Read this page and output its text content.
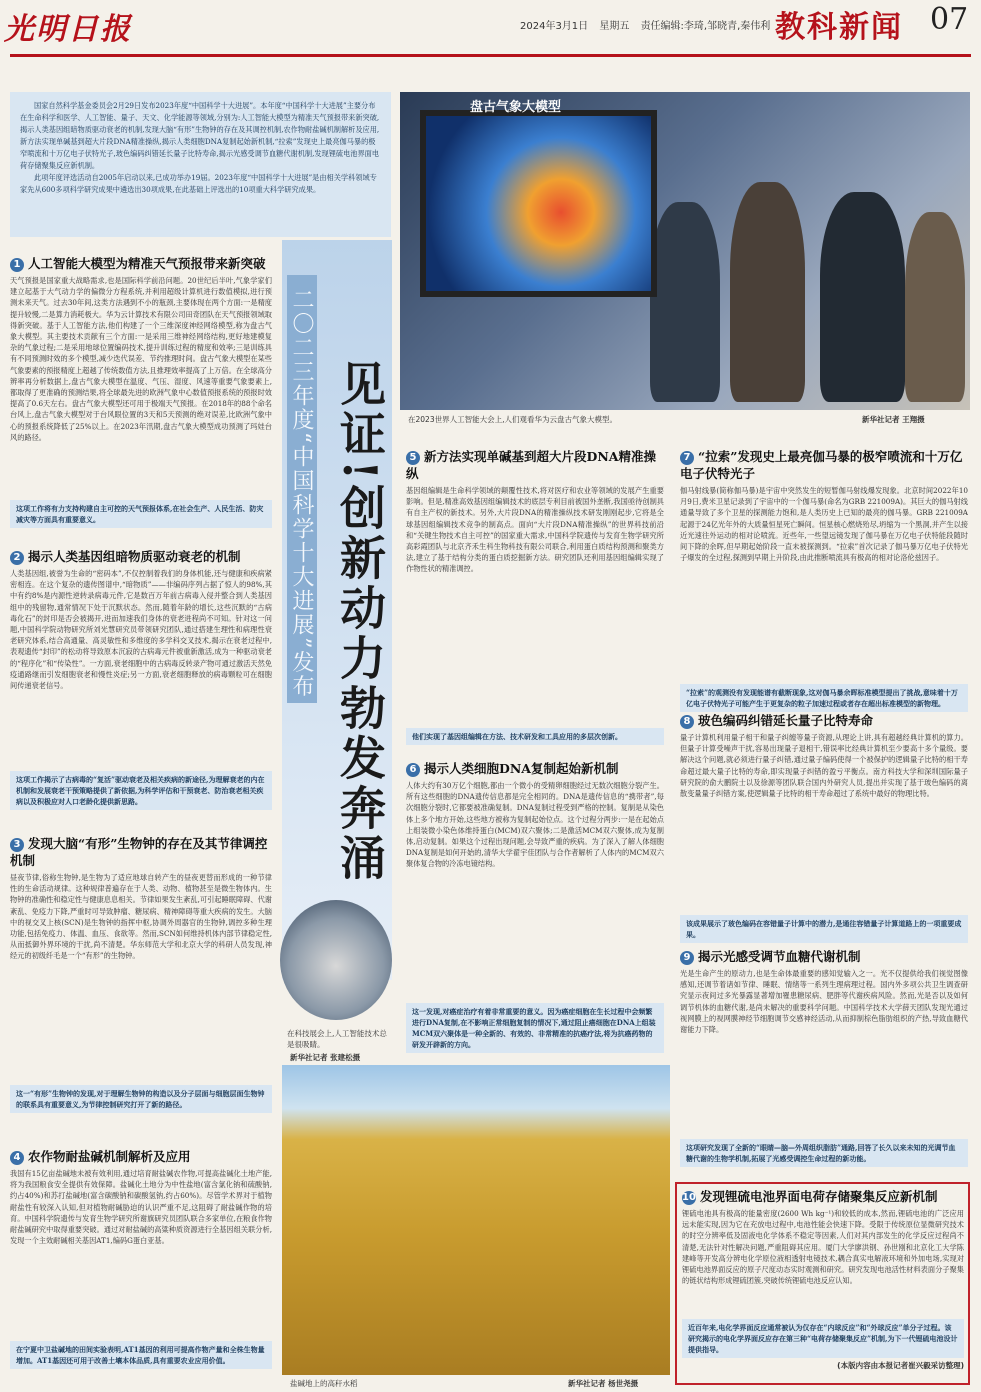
光明日报	2024年3月1日 星期五 责任编辑:李琦,邹晓青,秦伟利 教科新闻 07
国家自然科学基金委员会2月29日发布2023年度“中国科学十大进展”。本年度“中国科学十大进展”主要分布在生命科学和医学、人工智能、量子、天文、化学能源等领域,分别为:人工智能大模型为精准天气预报带来新突破,揭示人类基因组暗物质驱动衰老的机制,发现大脑“有形”生物钟的存在及其调控机制,农作物耐盐碱机制解析及应用,新方法实现单碱基到超大片段DNA精准操纵,揭示人类细胞DNA复制起始新机制,“拉索”发现史上最亮伽马暴的极窄喷流和十万亿电子伏特光子,玻色编码纠错延长量子比特寿命,揭示光感受调节血糖代谢机制,发现锂硫电池界面电荷存储聚集反应新机制。
此项年度评选活动自2005年启动以来,已成功举办19届。2023年度“中国科学十大进展”是由相关学科领域专家先从600多项科学研究成果中遴选出30项成果,在此基础上评选出的10项重大科学研究成果。
二〇二三年度“中国科学十大进展”发布 见证!创新动力勃发奔涌
盘古气象大模型
在2023世界人工智能大会上,人们观看华为云盘古气象大模型。	新华社记者 王翔摄
1 人工智能大模型为精准天气预报带来新突破
天气预报是国家重大战略需求,也是国际科学前沿问题。20世纪后半叶,气象学家们建立起基于大气动力学的偏微分方程系统,并利用超级计算机进行数值模拟,进行预测未来天气。过去30年间,这类方法遇到不小的瓶颈,主要体现在两个方面:一是精度提升较慢,二是算力消耗极大。华为云计算技术有限公司田奇团队在天气预报领域取得新突破。基于人工智能方法,他们构建了一个三维深度神经网络模型,称为盘古气象大模型。其主要技术贡献有三个方面:一是采用三维神经网络结构,更好地建模复杂的气象过程;二是采用地球位置编码技术,提升训练过程的精度和效率;三是训练具有不同预测时效的多个模型,减少迭代误差、节约推理时间。盘古气象大模型在某些气象要素的预报精度上超越了传统数值方法,且推理效率提高了上万倍。在全球高分辨率再分析数据上,盘古气象大模型在温度、气压、湿度、风速等重要气象要素上,都取得了更准确的预测结果,将全球最先进的欧洲气象中心数值预报系统的预报时效提高了0.6天左右。盘古气象大模型还可用于极端天气预报。在2018年的88个命名台风上,盘古气象大模型对于台风眼位置的3天和5天预测的绝对误差,比欧洲气象中心的预报系统降低了25%以上。在2023年汛期,盘古气象大模型成功预测了玛娃台风的路径。
这项工作将有力支持构建自主可控的天气预报体系,在社会生产、人民生活、防灾减灾等方面具有重要意义。
2 揭示人类基因组暗物质驱动衰老的机制
人类基因组,被誉为生命的“密码本”,不仅控制着我们的身体机能,还与健康和疾病紧密相连。在这个复杂的遗传图谱中,“暗物质”——非编码序列占据了惊人的98%,其中有约8%是内源性逆转录病毒元件,它是数百万年前古病毒入侵并整合到人类基因组中的残留物,通常情况下处于沉默状态。然而,随着年龄的增长,这些沉默的“古病毒化石”的封印是否会被揭开,进而加速我们身体的衰老进程尚不可知。针对这一问题,中国科学院动物研究所刘光慧研究员带领研究团队,通过搭建生理性和病理性衰老研究体系,结合高通量、高灵敏性和多维度的多学科交叉技术,揭示在衰老过程中,表观遗传“封印”的松动将导致原本沉寂的古病毒元件被重新激活,成为一种驱动衰老的“程序化”和“传染性”。一方面,衰老细胞中的古病毒反转录产物可通过激活天然免疫通路继而引发细胞衰老和慢性炎症;另一方面,衰老细胞释放的病毒颗粒可在细胞间传递衰老信号。
这项工作揭示了古病毒的“复活”驱动衰老及相关疾病的新途径,为理解衰老的内在机制和发展衰老干预策略提供了新依据,为科学评估和干预衰老、防治衰老相关疾病以及积极应对人口老龄化提供新思路。
3 发现大脑“有形”生物钟的存在及其节律调控机制
昼夜节律,俗称生物钟,是生物为了适应地球自转产生的昼夜更替而形成的一种节律性的生命活动规律。这种规律普遍存在于人类、动物、植物甚至是微生物体内。生物钟的准确性和稳定性与健康息息相关。节律如果发生紊乱,可引起睡眠障碍、代谢紊乱、免疫力下降,严重时可导致肿瘤、糖尿病、精神障碍等重大疾病的发生。大脑中的视交叉上核(SCN)是生物钟的指挥中枢,协调外周器官的生物钟,调控多种生理功能,包括免疫力、体温、血压、食欲等。然而,SCN如何维持机体内部节律稳定性,从而抵御外界环境的干扰,尚不清楚。华东师范大学和北京大学的科研人员发现,神经元的初级纤毛是一个“有形”的生物钟。
这一“有形”生物钟的发现,对于理解生物钟的构造以及分子层面与细胞层面生物钟的联系具有重要意义,为节律控制研究打开了新的路径。
4 农作物耐盐碱机制解析及应用
我国有15亿亩盐碱地未被有效利用,通过培育耐盐碱农作物,可提高盐碱化土地产能,将为我国粮食安全提供有效保障。盐碱化土地分为中性盐地(富含氯化钠和硫酸钠,约占40%)和苏打盐碱地(富含碳酸钠和碳酸氢钠,约占60%)。尽管学术界对于植物耐盐性有较深入认知,但对植物耐碱胁迫的认识严重不足,这阻碍了耐盐碱作物的培育。中国科学院遗传与发育生物学研究所谢旗研究员团队联合多家单位,在粮食作物耐盐碱研究中取得重要突破。通过对耐盐碱的高粱种质资源进行全基因组关联分析,发现一个主效耐碱相关基因AT1,编码G蛋白亚基。
在宁夏中卫盐碱地的田间实验表明,AT1基因的利用可提高作物产量和全株生物量增加。AT1基因还可用于改善土壤本体品质,具有重要农业应用价值。
在科技展会上,人工智能技术总是很吸睛。
新华社记者 张建松摄
5 新方法实现单碱基到超大片段DNA精准操纵
基因组编辑是生命科学领域的颠覆性技术,将对医疗和农业等领域的发展产生重要影响。但是,精准高效基因组编辑技术的底层专利目前被国外垄断,我国亟待创制具有自主产权的新技术。另外,大片段DNA的精准操纵技术研发刚刚起步,它将是全球基因组编辑技术竞争的制高点。面向“大片段DNA精准操纵”的世界科技前沿和“关键生物技术自主可控”的国家重大需求,中国科学院遗传与发育生物学研究所高彩霞团队与北京齐禾生科生物科技有限公司联合,利用蛋白质结构预测和聚类方法,建立了基于结构分类的蛋白质挖掘新方法。研究团队还利用基因组编辑实现了作物性状的精准调控。
他们实现了基因组编辑在方法、技术研发和工具应用的多层次创新。
6 揭示人类细胞DNA复制起始新机制
人体大约有30万亿个细胞,都由一个微小的受精卵细胞经过无数次细胞分裂产生。所有这些细胞的DNA遗传信息都是完全相同的。DNA是遗传信息的“携带者”,每次细胞分裂时,它都要被准确复制。DNA复制过程受到严格的控制。复制是从染色体上多个地方开始,这些地方被称为复制起始位点。这个过程分两步:一是在起始点上组装微小染色体维持蛋白(MCM)双六聚体;二是激活MCM双六聚体,成为复制体,启动复制。如果这个过程出现问题,会导致严重的疾病。为了深入了解人体细胞DNA复制是如何开始的,清华大学翟宇佳团队与合作者解析了人体内的MCM双六聚体复合物的冷冻电镜结构。
这一发现,对癌症治疗有着非常重要的意义。因为癌症细胞在生长过程中会频繁进行DNA复制,在不影响正常细胞复制的情况下,通过阻止癌细胞在DNA上组装MCM双六聚体是一种全新的、有效的、非常精准的抗癌疗法,将为抗癌药物的研发开辟新的方向。
盐碱地上的高秆水稻	新华社记者 杨世尧摄
7 “拉索”发现史上最亮伽马暴的极窄喷流和十万亿电子伏特光子
伽马射线暴(简称伽马暴)是宇宙中突然发生的短暂伽马射线爆发现象。北京时间2022年10月9日,费米卫星记录到了宇宙中的一个伽马暴(命名为GRB 221009A)。其巨大的伽马射线通量导致了多个卫星的探测能力饱和,是人类历史上已知的最亮的伽马暴。GRB 221009A起源于24亿光年外的大质量恒星死亡瞬间。恒星核心燃烧殆尽,坍缩为一个黑洞,并产生以接近光速往外运动的相对论喷流。近些年,一些望远镜发现了伽马暴在万亿电子伏特能段随时间下降的余晖,但早期起始阶段一直未被探测到。“拉索”首次记录了伽马暴万亿电子伏特光子爆发的全过程,探测到早期上升阶段,由此推断喷流具有极高的相对论洛伦兹因子。
“拉索”的观测没有发现能谱有截断现象,这对伽马暴余晖标准模型提出了挑战,意味着十万亿电子伏特光子可能产生于更复杂的粒子加速过程或者存在超出标准模型的新物理。
8 玻色编码纠错延长量子比特寿命
量子计算机利用量子相干和量子纠缠等量子资源,从理论上讲,具有超越经典计算机的算力。但量子计算受噪声干扰,容易出现量子退相干,错误率比经典计算机至少要高十多个量级。要解决这个问题,就必须进行量子纠错,通过量子编码使得一个被保护的逻辑量子比特的相干寿命超过最大量子比特的寿命,即实现量子纠错的盈亏平衡点。南方科技大学和深圳国际量子研究院的俞大鹏院士以及徐源等团队联合国内外研究人员,提出并实现了基于玻色编码的离散变量量子纠错方案,使逻辑量子比特的相干寿命超过了系统中最好的物理比特。
该成果展示了玻色编码在容错量子计算中的潜力,是通往容错量子计算道路上的一项重要成果。
9 揭示光感受调节血糖代谢机制
光是生命产生的原动力,也是生命体最重要的感知觉输入之一。光不仅提供给我们视觉图像感知,还调节着诸如节律、睡眠、情绪等一系列生理病理过程。国内外多项公共卫生调查研究显示夜间过多光暴露显著增加罹患糖尿病、肥胖等代谢疾病风险。然而,光是否以及如何调节机体的血糖代谢,是尚未解决的重要科学问题。中国科学技术大学薛天团队发现光通过视网膜上的视网膜神经节细胞调节交感神经活动,从而抑制棕色脂肪组织的产热,导致血糖代谢能力下降。
这项研究发现了全新的“眼睛—脑—外周组织脂肪”通路,回答了长久以来未知的光调节血糖代谢的生物学机制,拓展了光感受调控生命过程的新功能。
10 发现锂硫电池界面电荷存储聚集反应新机制
锂硫电池具有极高的能量密度(2600 Wh kg⁻¹)和较低的成本,然而,锂硫电池的广泛应用远未能实现,因为它在充放电过程中,电池性能会快速下降。受限于传统原位显微研究技术的时空分辨率低及固液电化学体系不稳定等因素,人们对其内部发生的化学反应过程尚不清楚,无法针对性解决问题,严重阻碍其应用。厦门大学廖洪钢、孙世刚和北京化工大学陈建峰等开发高分辨电化学原位液相透射电镜技术,耦合真实电解液环境和外加电场,实现对锂硫电池界面反应的原子尺度动态实时观测和研究。研究发现电池活性材料表面分子聚集的链状结构形成锂硫团簇,突破传统锂硫电池反应认知。
近百年来,电化学界面反应通常被认为仅存在“内球反应”和“外球反应”单分子过程。该研究揭示的电化学界面反应存在第三种“电荷存储聚集反应”机制,为下一代锂硫电池设计提供指导。
(本版内容由本报记者崔兴毅采访整理)
